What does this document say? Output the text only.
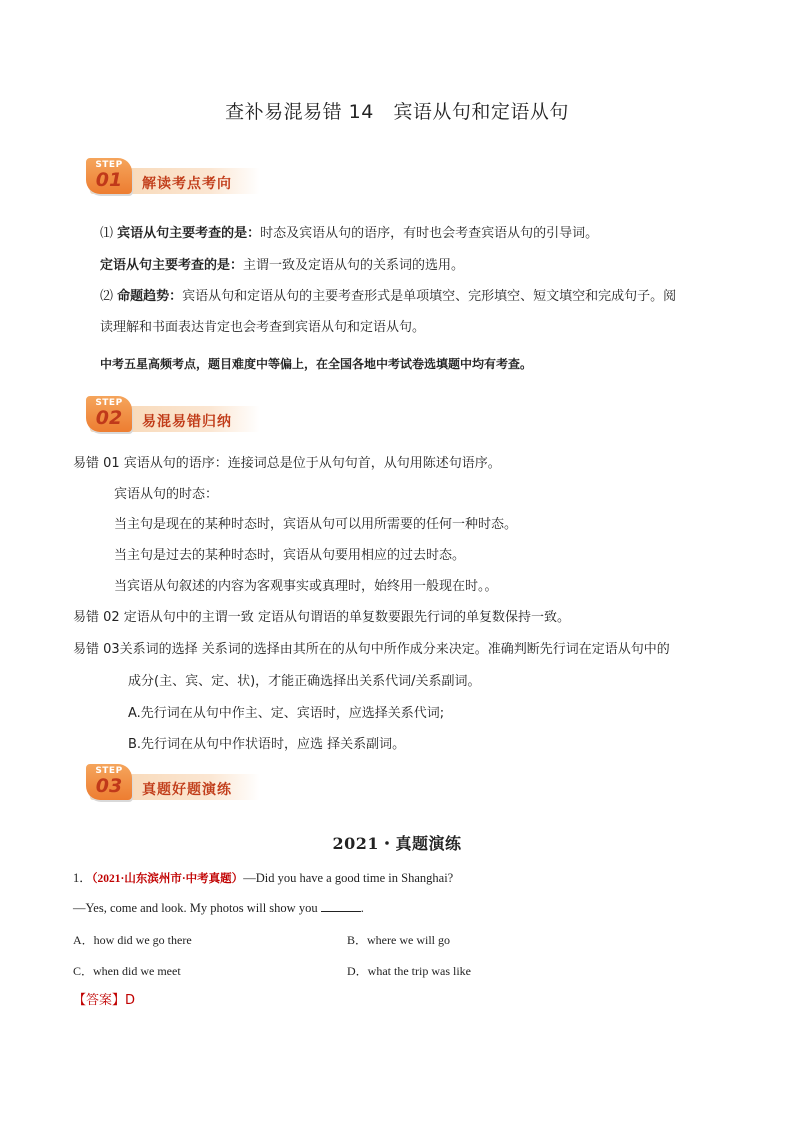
查补易混易错 14　宾语从句和定语从句
STEP
01	解读考点考向
⑴ 宾语从句主要考查的是：时态及宾语从句的语序，有时也会考查宾语从句的引导词。
定语从句主要考查的是：主谓一致及定语从句的关系词的选用。
⑵ 命题趋势：宾语从句和定语从句的主要考查形式是单项填空、完形填空、短文填空和完成句子。阅
读理解和书面表达肯定也会考查到宾语从句和定语从句。
中考五星高频考点，题目难度中等偏上，在全国各地中考试卷选填题中均有考查。
STEP
02	易混易错归纳
易错 01 宾语从句的语序：连接词总是位于从句句首，从句用陈述句语序。
宾语从句的时态：
当主句是现在的某种时态时，宾语从句可以用所需要的任何一种时态。
当主句是过去的某种时态时，宾语从句要用相应的过去时态。
当宾语从句叙述的内容为客观事实或真理时，始终用一般现在时。。
易错 02 定语从句中的主谓一致 定语从句谓语的单复数要跟先行词的单复数保持一致。
易错 03关系词的选择 关系词的选择由其所在的从句中所作成分来决定。准确判断先行词在定语从句中的
成分(主、宾、定、状)，才能正确选择出关系代词/关系副词。
A.先行词在从句中作主、定、宾语时，应选择关系代词;
B.先行词在从句中作状语时，应选 择关系副词。
STEP
03	真题好题演练
2021・真题演练
1．（2021·山东滨州市·中考真题）—Did you have a good time in Shanghai?
—Yes, come and look. My photos will show you	.
A．how did we go there	B．where we will go
C．when did we meet	D．what the trip was like
【答案】D
